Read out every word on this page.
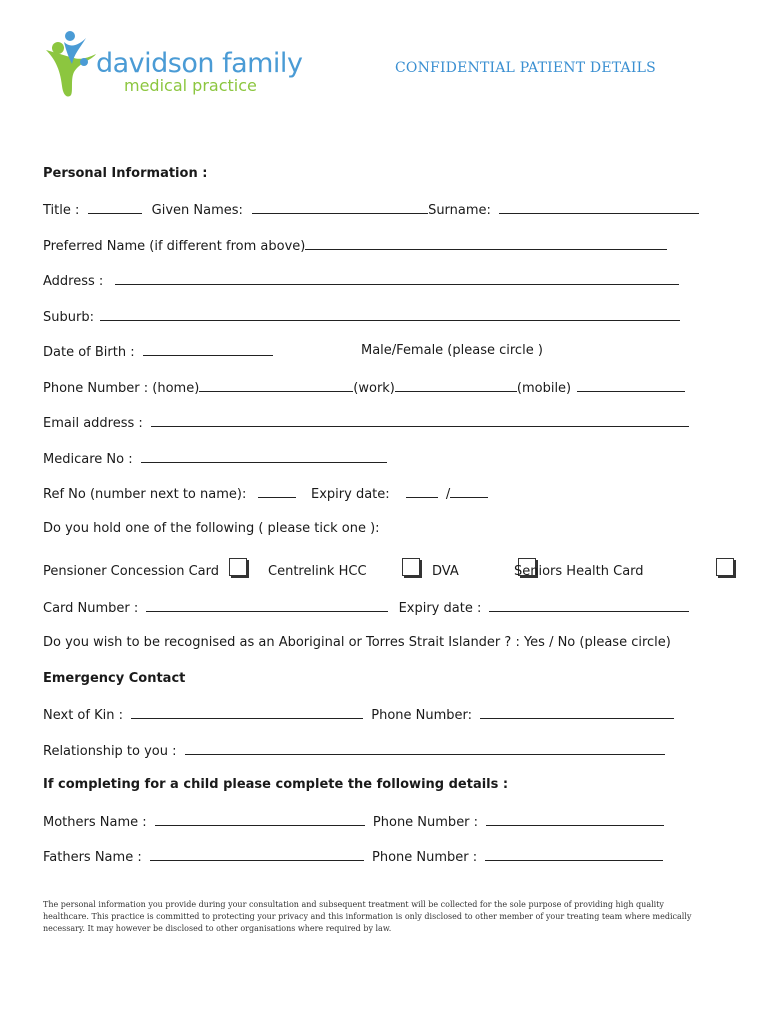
davidson family
medical practice
CONFIDENTIAL PATIENT DETAILS
Personal Information :
Title :	Given Names:	Surname:
Preferred Name (if different from above)
Address :
Suburb:
Date of Birth :	Male/Female (please circle )
Phone Number : (home)	(work)	(mobile)
Email address :
Medicare No :
Ref No (number next to name):	Expiry date:	/
Do you hold one of the following ( please tick one ):
Pensioner Concession Card
	Centrelink HCC
	DVA
	Seniors Health Card
Card Number :	Expiry date :
Do you wish to be recognised as an Aboriginal or Torres Strait Islander ? : Yes / No (please circle)
Emergency Contact
Next of Kin :	Phone Number:
Relationship to you :
If completing for a child please complete the following details :
Mothers Name :	Phone Number :
Fathers Name :	Phone Number :
The personal information you provide during your consultation and subsequent treatment will be collected for the sole purpose of providing high quality healthcare. This practice is committed to protecting your privacy and this information is only disclosed to other member of your treating team where medically necessary. It may however be disclosed to other organisations where required by law.
